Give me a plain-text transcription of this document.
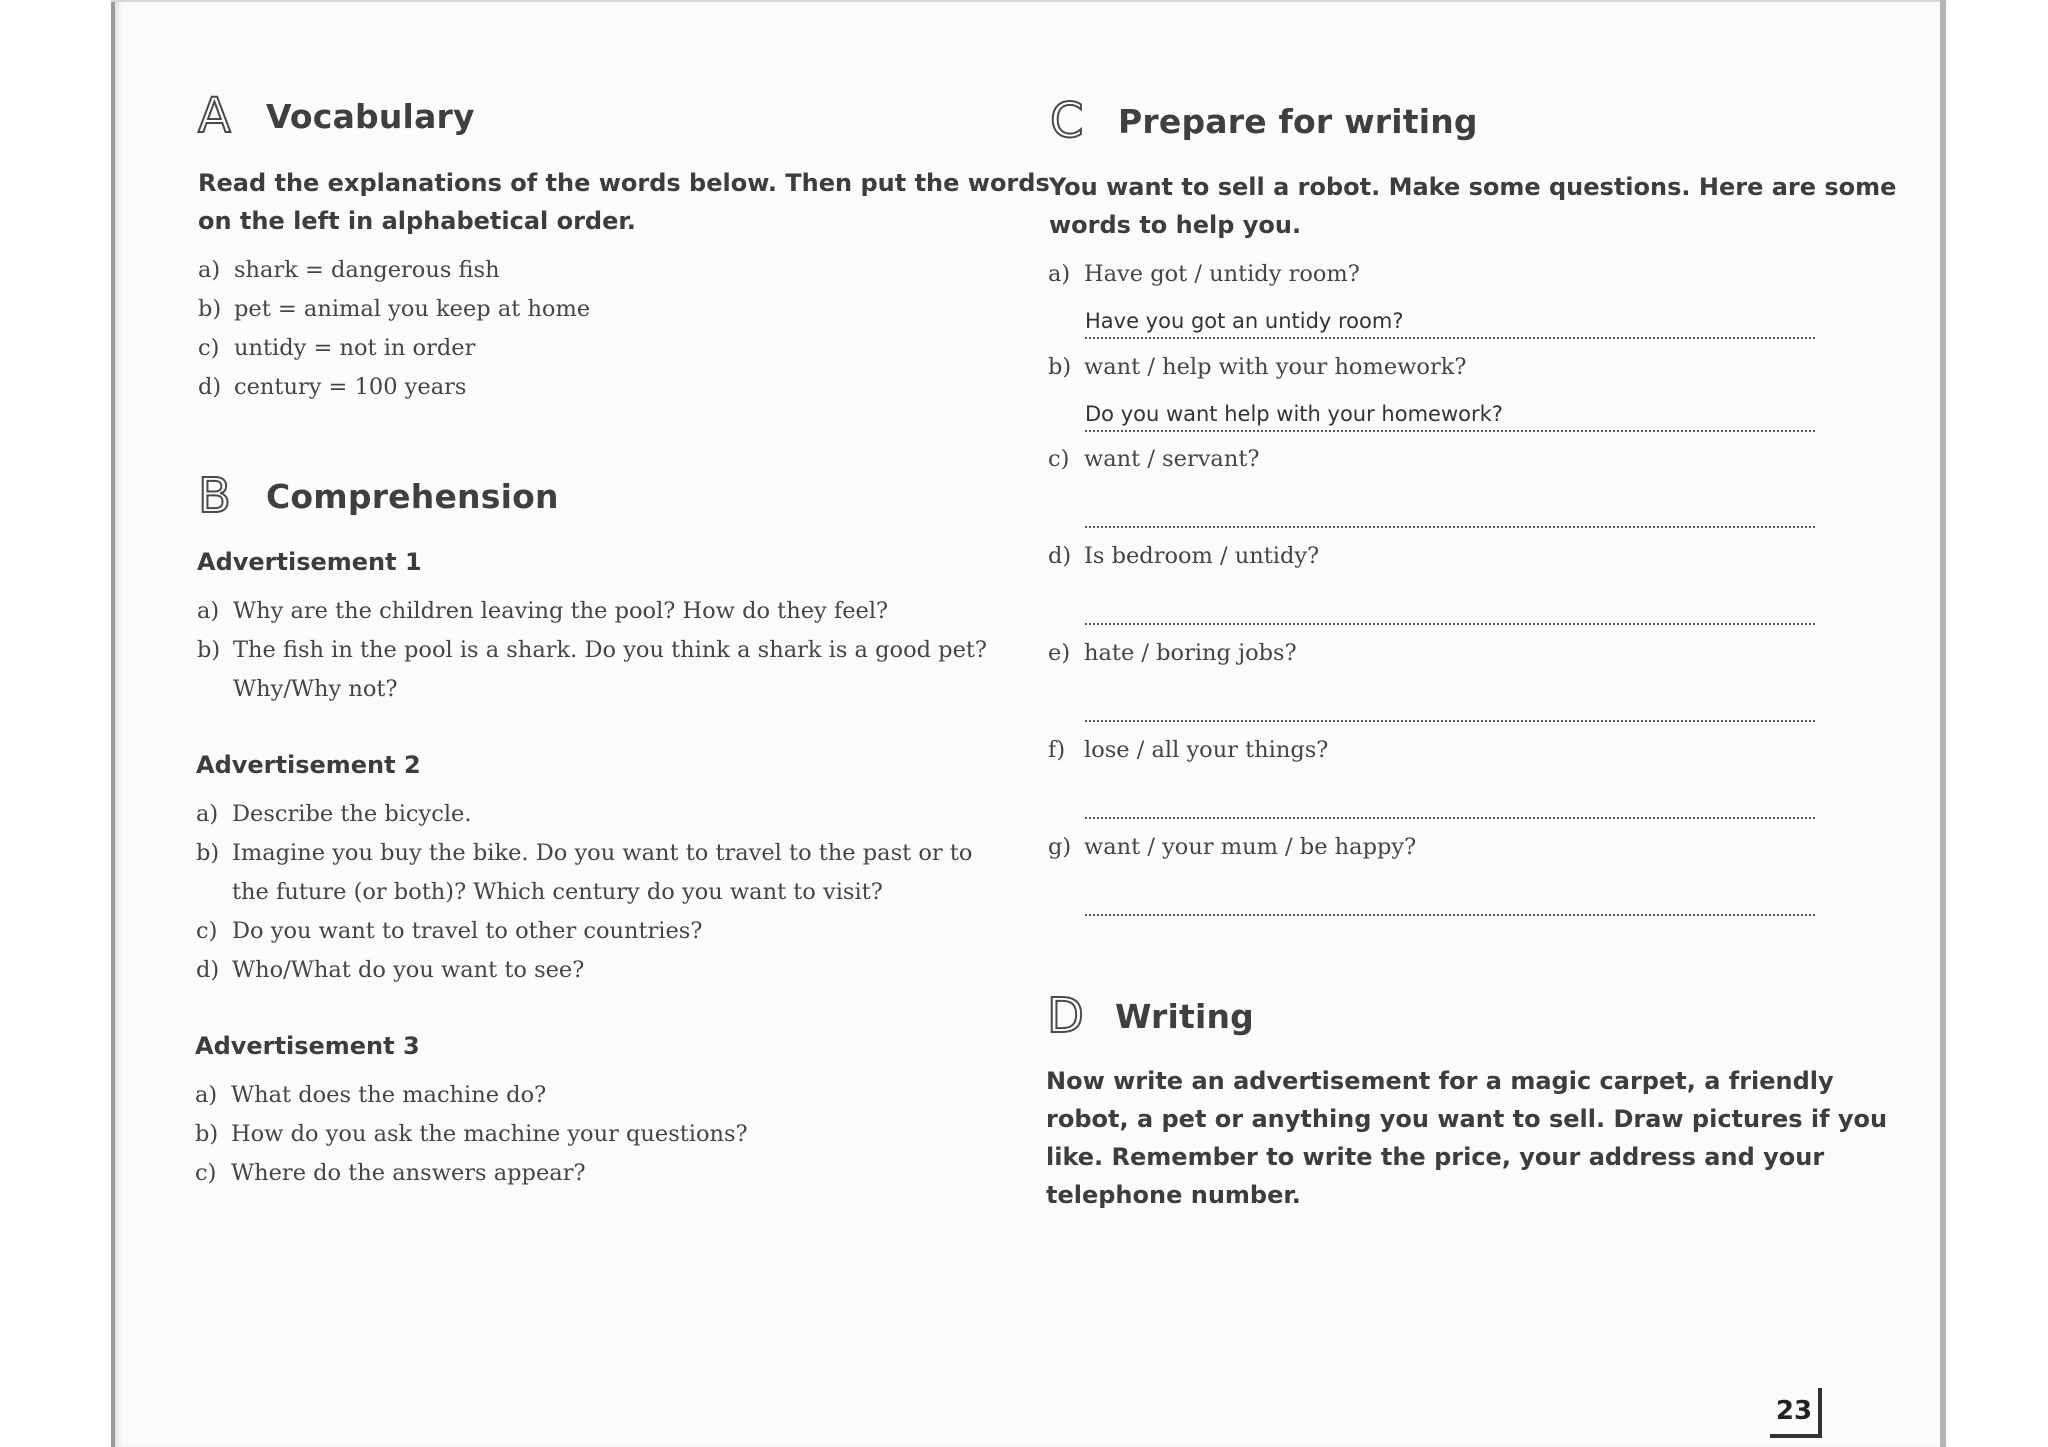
A	Vocabulary
Read the explanations of the words below. Then put the words
on the left in alphabetical order.
a) shark = dangerous fish
b) pet = animal you keep at home
c) untidy = not in order
d) century = 100 years
B	Comprehension
Advertisement 1
a) Why are the children leaving the pool? How do they feel?
b) The fish in the pool is a shark. Do you think a shark is a good pet?
Why/Why not?
Advertisement 2
a) Describe the bicycle.
b) Imagine you buy the bike. Do you want to travel to the past or to
the future (or both)? Which century do you want to visit?
c) Do you want to travel to other countries?
d) Who/What do you want to see?
Advertisement 3
a) What does the machine do?
b) How do you ask the machine your questions?
c) Where do the answers appear?
C	Prepare for writing
You want to sell a robot. Make some questions. Here are some
words to help you.
a) Have got / untidy room?
Have you got an untidy room?
b) want / help with your homework?
Do you want help with your homework?
c) want / servant?
d) Is bedroom / untidy?
e) hate / boring jobs?
f) lose / all your things?
g) want / your mum / be happy?
D Writing
Now write an advertisement for a magic carpet, a friendly
robot, a pet or anything you want to sell. Draw pictures if you
like. Remember to write the price, your address and your
telephone number.
23
